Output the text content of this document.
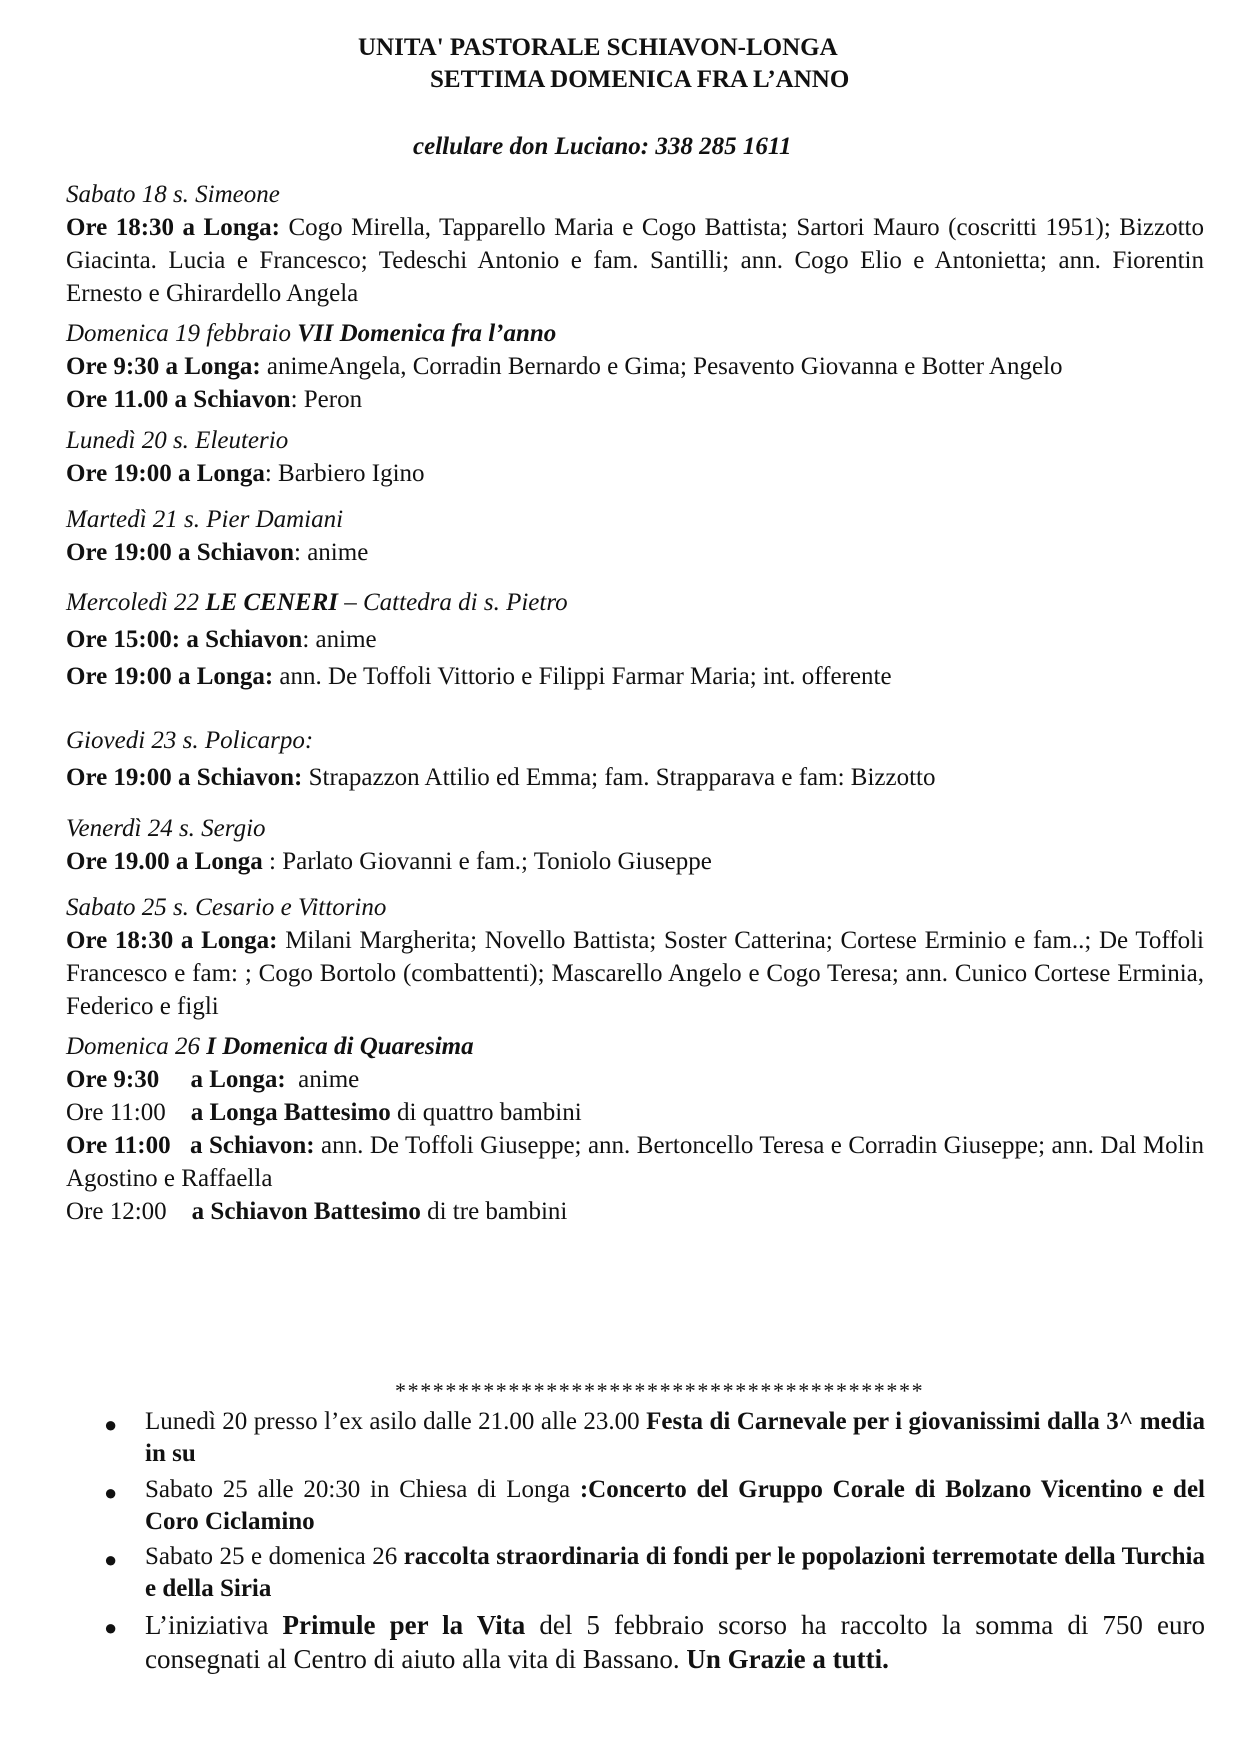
UNITA' PASTORALE SCHIAVON-LONGA
SETTIMA DOMENICA FRA L’ANNO
cellulare don Luciano: 338 285 1611
Sabato 18 s. Simeone
Ore 18:30 a Longa: Cogo Mirella, Tapparello Maria e Cogo Battista; Sartori Mauro (coscritti 1951); Bizzotto Giacinta. Lucia e Francesco; Tedeschi Antonio e fam. Santilli; ann. Cogo Elio e Antonietta; ann. Fiorentin Ernesto e Ghirardello Angela
Domenica 19 febbraio VII Domenica fra l’anno
Ore 9:30 a Longa: animeAngela, Corradin Bernardo e Gima; Pesavento Giovanna e Botter Angelo
Ore 11.00 a Schiavon: Peron
Lunedì 20 s. Eleuterio
Ore 19:00 a Longa: Barbiero Igino
Martedì 21 s. Pier Damiani
Ore 19:00 a Schiavon: anime
Mercoledì 22 LE CENERI – Cattedra di s. Pietro
Ore 15:00: a Schiavon: anime
Ore 19:00 a Longa: ann. De Toffoli Vittorio e Filippi Farmar Maria; int. offerente
Giovedi 23 s. Policarpo:
Ore 19:00 a Schiavon: Strapazzon Attilio ed Emma; fam. Strapparava e fam: Bizzotto
Venerdì 24 s. Sergio
Ore 19.00 a Longa : Parlato Giovanni e fam.; Toniolo Giuseppe
Sabato 25 s. Cesario e Vittorino
Ore 18:30 a Longa: Milani Margherita; Novello Battista; Soster Catterina; Cortese Erminio e fam..; De Toffoli Francesco e fam: ; Cogo Bortolo (combattenti); Mascarello Angelo e Cogo Teresa; ann. Cunico Cortese Erminia, Federico e figli
Domenica 26 I Domenica di Quaresima
Ore 9:30     a Longa:  anime
Ore 11:00    a Longa Battesimo di quattro bambini
Ore 11:00   a Schiavon: ann. De Toffoli Giuseppe; ann. Bertoncello Teresa e Corradin Giuseppe; ann. Dal Molin Agostino e Raffaella
Ore 12:00    a Schiavon Battesimo di tre bambini
******************************************
● Lunedì 20 presso l’ex asilo dalle 21.00 alle 23.00 Festa di Carnevale per i giovanissimi dalla 3^ media in su
● Sabato 25 alle 20:30 in Chiesa di Longa :Concerto del Gruppo Corale di Bolzano Vicentino e del Coro Ciclamino
● Sabato 25 e domenica 26 raccolta straordinaria di fondi per le popolazioni terremotate della Turchia e della Siria
● L’iniziativa Primule per la Vita del 5 febbraio scorso ha raccolto la somma di 750 euro consegnati al Centro di aiuto alla vita di Bassano. Un Grazie a tutti.
